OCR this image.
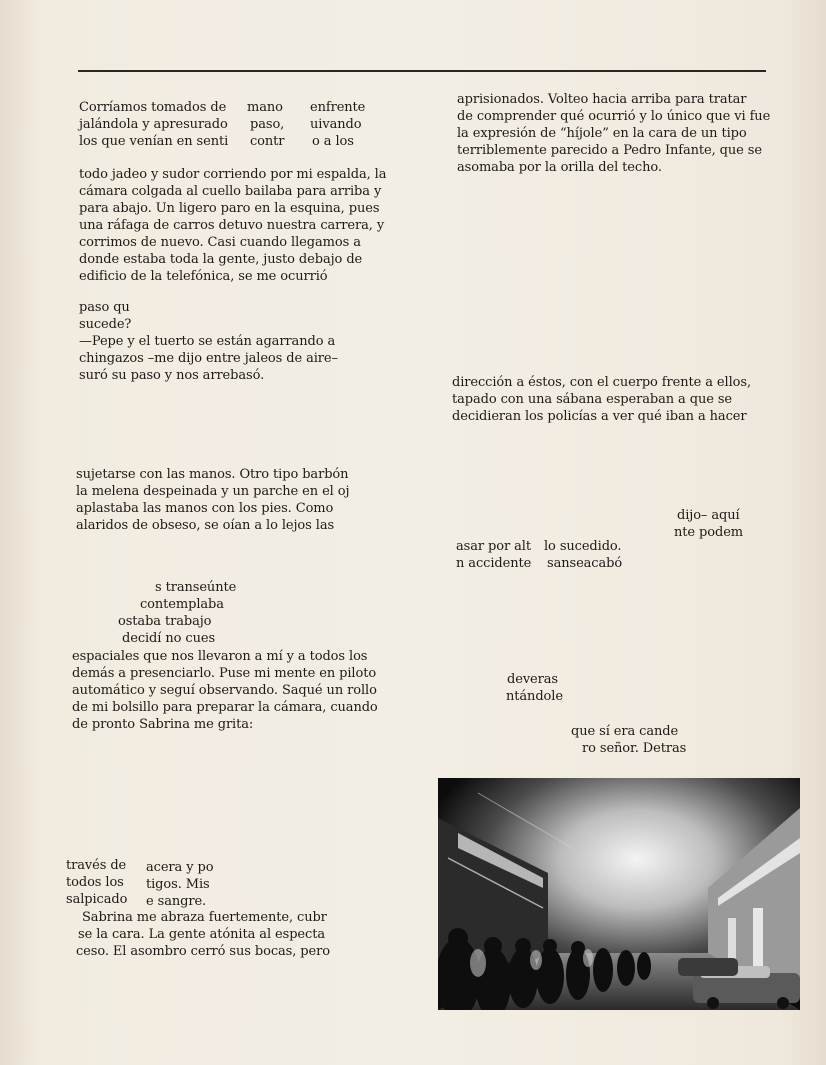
Corríamos tomados de
jalándola y apresurado
los que venían en senti
mano
paso,
contr
enfrente
uivando
o a los
todo jadeo y sudor corriendo por mi espalda, la
cámara colgada al cuello bailaba para arriba y
para abajo. Un ligero paro en la esquina, pues
una ráfaga de carros detuvo nuestra carrera, y
corrimos de nuevo. Casi cuando llegamos a
donde estaba toda la gente, justo debajo de
edificio de la telefónica, se me ocurrió
paso qu
sucede?
—Pepe y el tuerto se están agarrando a
chingazos –me dijo entre jaleos de aire–
suró su paso y nos arrebasó.
sujetarse con las manos. Otro tipo barbón
la melena despeinada y un parche en el oj
aplastaba las manos con los pies. Como
alaridos de obseso, se oían a lo lejos las
s transeúnte
contemplaba
ostaba trabajo
decidí no cues
espaciales que nos llevaron a mí y a todos los
demás a presenciarlo. Puse mi mente en piloto
automático y seguí observando. Saqué un rollo
de mi bolsillo para preparar la cámara, cuando
de pronto Sabrina me grita:
través de
todos los
salpicado
acera y po
tigos. Mis
e sangre.
Sabrina me abraza fuertemente, cubr
se la cara. La gente atónita al especta
ceso. El asombro cerró sus bocas, pero
aprisionados. Volteo hacia arriba para tratar
de comprender qué ocurrió y lo único que vi fue
la expresión de “híjole” en la cara de un tipo
terriblemente parecido a Pedro Infante, que se
asomaba por la orilla del techo.
dirección a éstos, con el cuerpo frente a ellos,
tapado con una sábana esperaban a que se
decidieran los policías a ver qué iban a hacer
dijo– aquí
nte podem
asar por alt
n accidente
lo sucedido.
sanseacabó
deveras
ntándole
que sí era cande
ro señor. Detras
